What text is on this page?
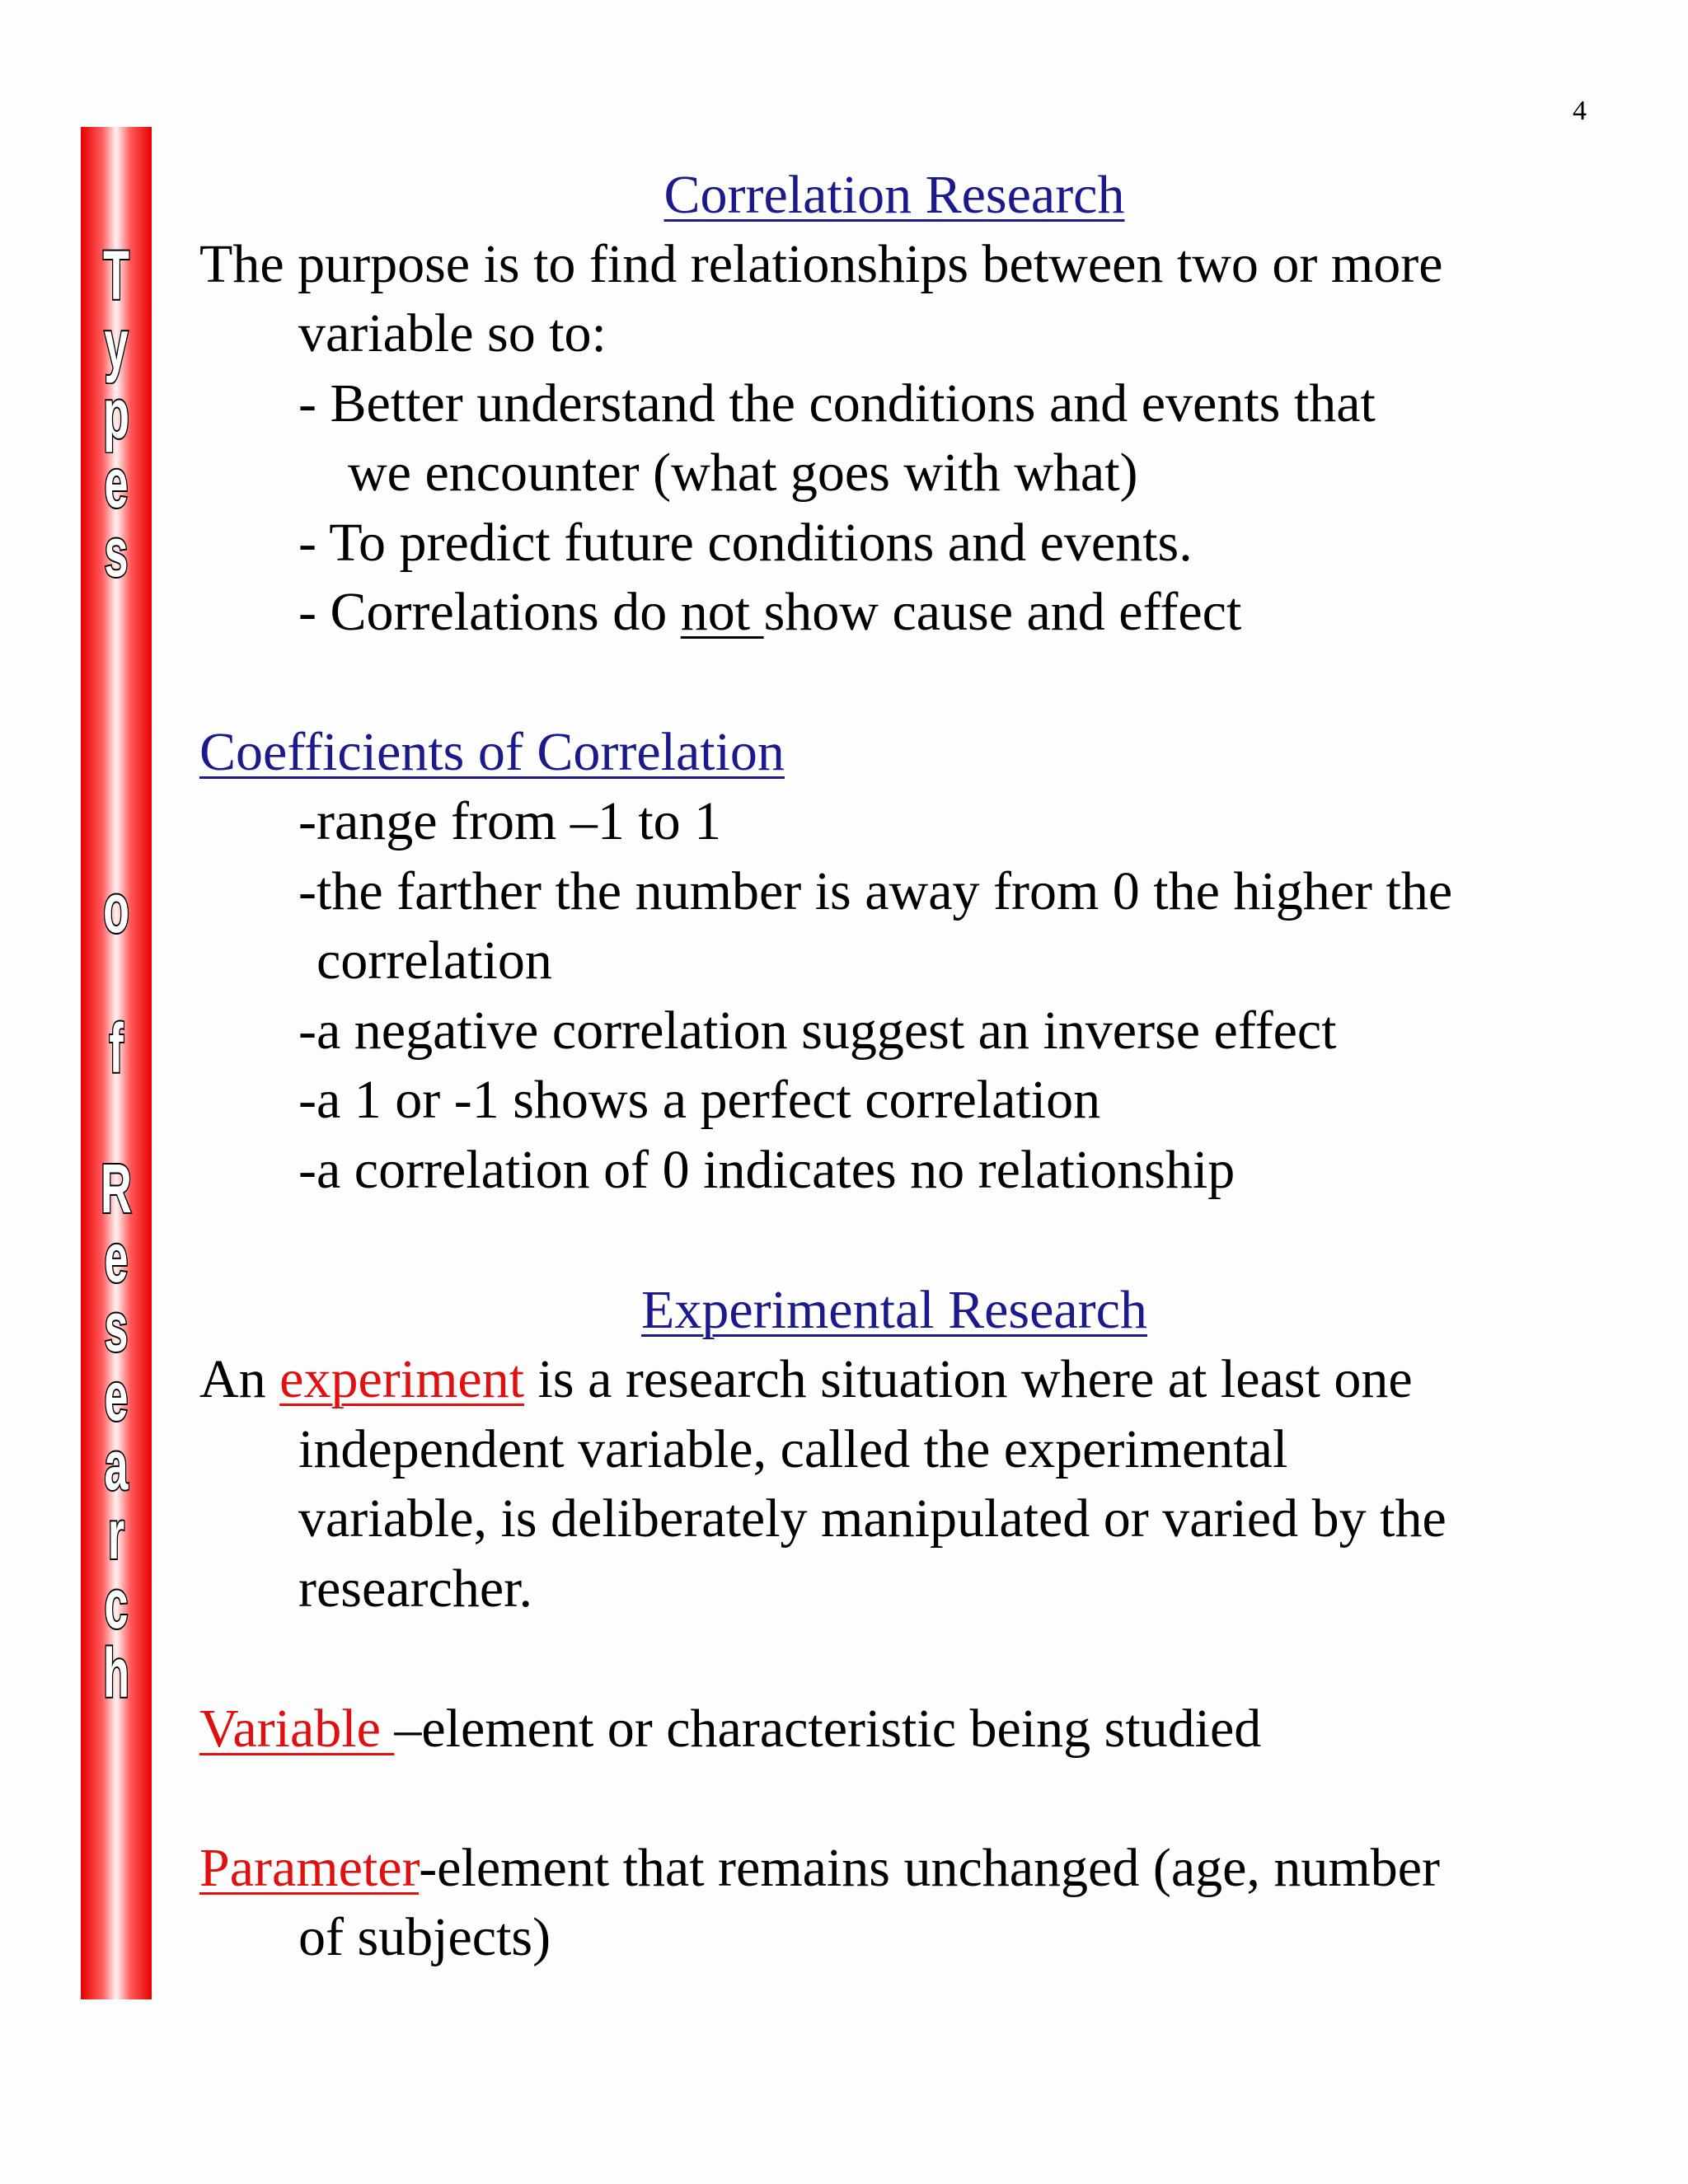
4
T
y
p
e
s
o
f
R
e
s
e
a
r
c
h
Correlation Research
The purpose is to find relationships between two or more
variable so to:
- Better understand the conditions and events that
we encounter (what goes with what)
- To predict future conditions and events.
- Correlations do not show cause and effect
Coefficients of Correlation
-range from –1 to 1
-the farther the number is away from 0 the higher the
correlation
-a negative correlation suggest an inverse effect
-a 1 or -1 shows a perfect correlation
-a correlation of 0 indicates no relationship
Experimental Research
An experiment is a research situation where at least one
independent variable, called the experimental
variable, is deliberately manipulated or varied by the
researcher.
Variable –element or characteristic being studied
Parameter-element that remains unchanged (age, number
of subjects)
